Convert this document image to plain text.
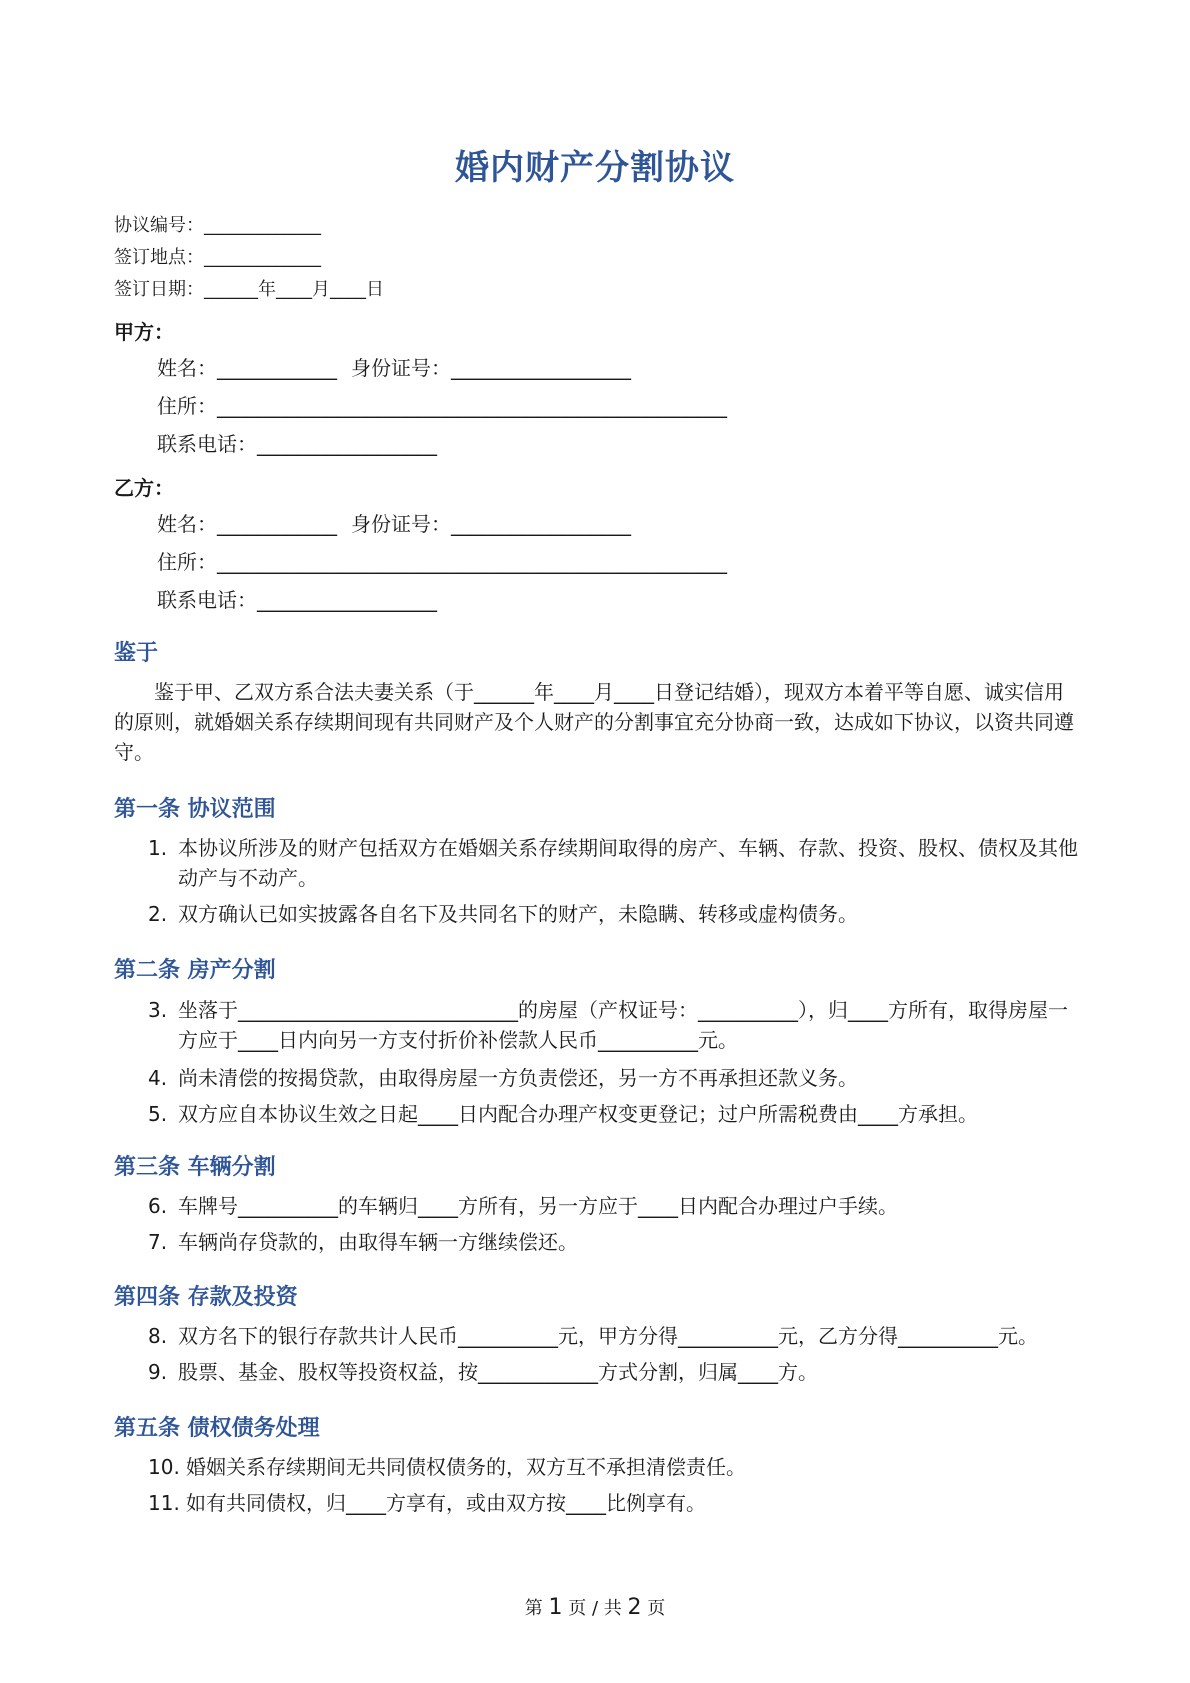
婚内财产分割协议
协议编号：_____________
签订地点：_____________
签订日期：______年____月____日
甲方：
姓名：____________ 身份证号：__________________
住所：___________________________________________________
联系电话：__________________
乙方：
姓名：____________ 身份证号：__________________
住所：___________________________________________________
联系电话：__________________
鉴于
鉴于甲、乙双方系合法夫妻关系（于______年____月____日登记结婚），现双方本着平等自愿、诚实信用的原则，就婚姻关系存续期间现有共同财产及个人财产的分割事宜充分协商一致，达成如下协议，以资共同遵守。
第一条 协议范围
1. 本协议所涉及的财产包括双方在婚姻关系存续期间取得的房产、车辆、存款、投资、股权、债权及其他动产与不动产。
2. 双方确认已如实披露各自名下及共同名下的财产，未隐瞒、转移或虚构债务。
第二条 房产分割
3. 坐落于____________________________的房屋（产权证号：__________），归____方所有，取得房屋一方应于____日内向另一方支付折价补偿款人民币__________元。
4. 尚未清偿的按揭贷款，由取得房屋一方负责偿还，另一方不再承担还款义务。
5. 双方应自本协议生效之日起____日内配合办理产权变更登记；过户所需税费由____方承担。
第三条 车辆分割
6. 车牌号__________的车辆归____方所有，另一方应于____日内配合办理过户手续。
7. 车辆尚存贷款的，由取得车辆一方继续偿还。
第四条 存款及投资
8. 双方名下的银行存款共计人民币__________元，甲方分得__________元，乙方分得__________元。
9. 股票、基金、股权等投资权益，按____________方式分割，归属____方。
第五条 债权债务处理
10. 婚姻关系存续期间无共同债权债务的，双方互不承担清偿责任。
11. 如有共同债权，归____方享有，或由双方按____比例享有。
第 1 页 / 共 2 页
